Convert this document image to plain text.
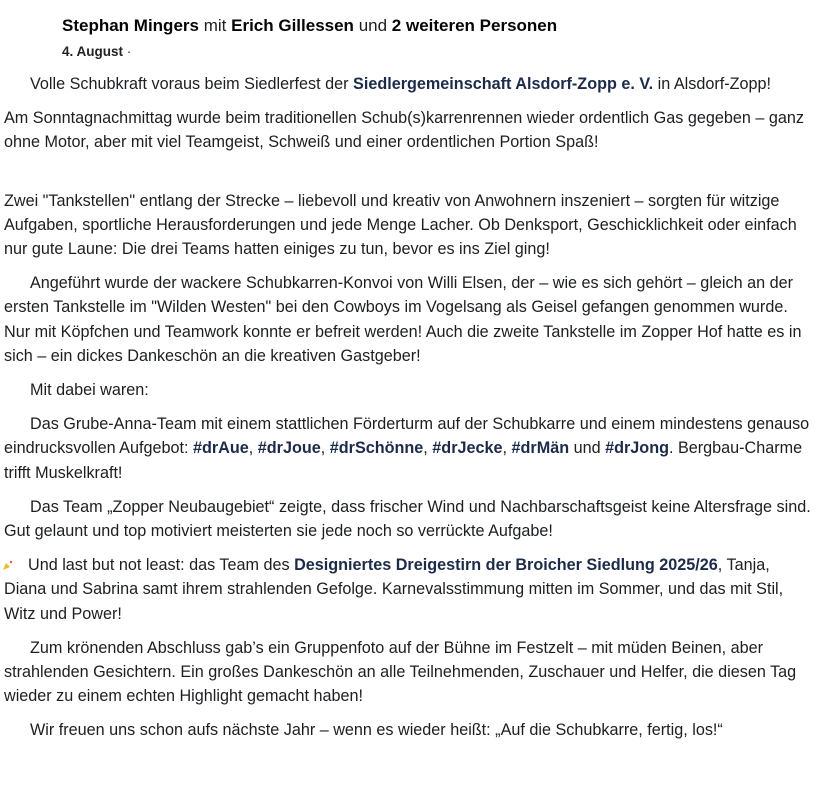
Stephan Mingers mit Erich Gillessen und 2 weiteren Personen
4. August ·

Volle Schubkraft voraus beim Siedlerfest der Siedlergemeinschaft Alsdorf-Zopp e. V. in Alsdorf-Zopp!

Am Sonntagnachmittag wurde beim traditionellen Schub(s)karrenrennen wieder ordentlich Gas gegeben – ganz ohne Motor, aber mit viel Teamgeist, Schweiß und einer ordentlichen Portion Spaß!

Zwei "Tankstellen" entlang der Strecke – liebevoll und kreativ von Anwohnern inszeniert – sorgten für witzige Aufgaben, sportliche Herausforderungen und jede Menge Lacher. Ob Denksport, Geschicklichkeit oder einfach nur gute Laune: Die drei Teams hatten einiges zu tun, bevor es ins Ziel ging!

Angeführt wurde der wackere Schubkarren-Konvoi von Willi Elsen, der – wie es sich gehört – gleich an der ersten Tankstelle im "Wilden Westen" bei den Cowboys im Vogelsang als Geisel gefangen genommen wurde. Nur mit Köpfchen und Teamwork konnte er befreit werden! Auch die zweite Tankstelle im Zopper Hof hatte es in sich – ein dickes Dankeschön an die kreativen Gastgeber!

Mit dabei waren:

Das Grube-Anna-Team mit einem stattlichen Förderturm auf der Schubkarre und einem mindestens genauso eindrucksvollen Aufgebot: #drAue, #drJoue, #drSchönne, #drJecke, #drMän und #drJong. Bergbau-Charme trifft Muskelkraft!

Das Team „Zopper Neubaugebiet“ zeigte, dass frischer Wind und Nachbarschaftsgeist keine Altersfrage sind. Gut gelaunt und top motiviert meisterten sie jede noch so verrückte Aufgabe!

Und last but not least: das Team des Designiertes Dreigestirn der Broicher Siedlung 2025/26, Tanja, Diana und Sabrina samt ihrem strahlenden Gefolge. Karnevalsstimmung mitten im Sommer, und das mit Stil, Witz und Power!

Zum krönenden Abschluss gab’s ein Gruppenfoto auf der Bühne im Festzelt – mit müden Beinen, aber strahlenden Gesichtern. Ein großes Dankeschön an alle Teilnehmenden, Zuschauer und Helfer, die diesen Tag wieder zu einem echten Highlight gemacht haben!

Wir freuen uns schon aufs nächste Jahr – wenn es wieder heißt: „Auf die Schubkarre, fertig, los!“
